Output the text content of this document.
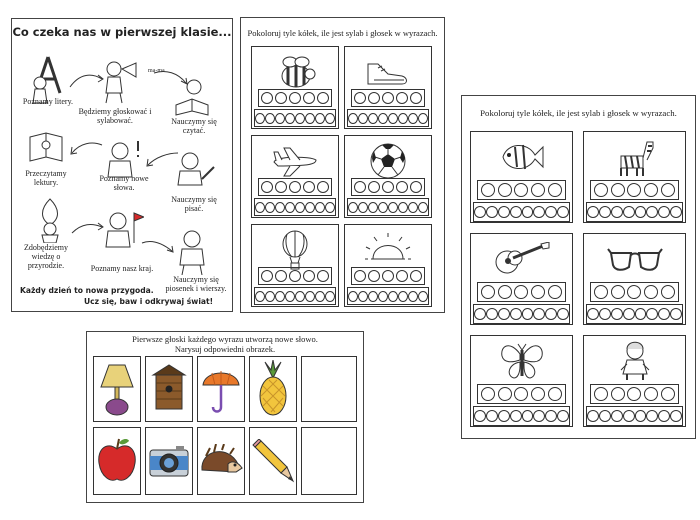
Co czeka nas w pierwszej klasie...
Poznamy litery.
ma-ma
Będziemy głoskować i sylabować.	Nauczymy się czytać.
Przeczytamy lektury.	Poznamy nowe słowa.
Nauczymy się pisać.
Zdobędziemy wiedzę o przyrodzie.	Poznamy nasz kraj.
Nauczymy się piosenek i wierszy.
Każdy dzień to nowa przygoda.
Ucz się, baw i odkrywaj świat!
Pokoloruj tyle kółek, ile jest sylab i głosek w wyrazach.
Pokoloruj tyle kółek, ile jest sylab i głosek w wyrazach.
Pierwsze głoski każdego wyrazu utworzą nowe słowo.
Narysuj odpowiedni obrazek.
